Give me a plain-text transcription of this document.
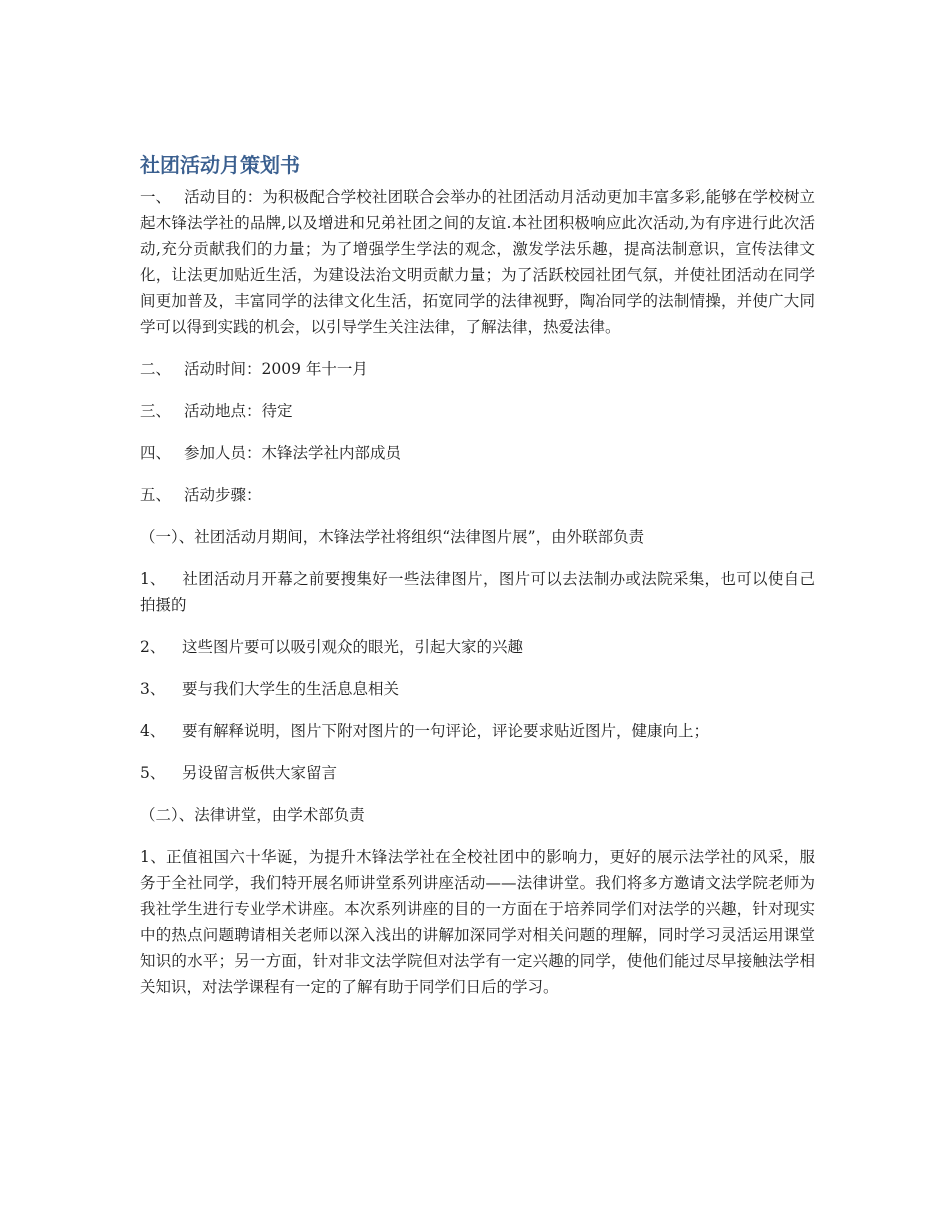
社团活动月策划书

一、 活动目的：为积极配合学校社团联合会举办的社团活动月活动更加丰富多彩,能够在学校树立起木锋法学社的品牌,以及增进和兄弟社团之间的友谊.本社团积极响应此次活动,为有序进行此次活动,充分贡献我们的力量；为了增强学生学法的观念，激发学法乐趣，提高法制意识，宣传法律文化，让法更加贴近生活，为建设法治文明贡献力量；为了活跃校园社团气氛，并使社团活动在同学间更加普及，丰富同学的法律文化生活，拓宽同学的法律视野，陶冶同学的法制情操，并使广大同学可以得到实践的机会，以引导学生关注法律，了解法律，热爱法律。

二、 活动时间：2009 年十一月

三、 活动地点：待定

四、 参加人员：木锋法学社内部成员

五、 活动步骤：

（一）、社团活动月期间，木锋法学社将组织“法律图片展”，由外联部负责

1、 社团活动月开幕之前要搜集好一些法律图片，图片可以去法制办或法院采集，也可以使自己拍摄的

2、 这些图片要可以吸引观众的眼光，引起大家的兴趣

3、 要与我们大学生的生活息息相关

4、 要有解释说明，图片下附对图片的一句评论，评论要求贴近图片，健康向上；

5、 另设留言板供大家留言

（二）、法律讲堂，由学术部负责

1、正值祖国六十华诞，为提升木锋法学社在全校社团中的影响力，更好的展示法学社的风采，服务于全社同学，我们特开展名师讲堂系列讲座活动——法律讲堂。我们将多方邀请文法学院老师为我社学生进行专业学术讲座。本次系列讲座的目的一方面在于培养同学们对法学的兴趣，针对现实中的热点问题聘请相关老师以深入浅出的讲解加深同学对相关问题的理解，同时学习灵活运用课堂知识的水平；另一方面，针对非文法学院但对法学有一定兴趣的同学，使他们能过尽早接触法学相关知识，对法学课程有一定的了解有助于同学们日后的学习。
